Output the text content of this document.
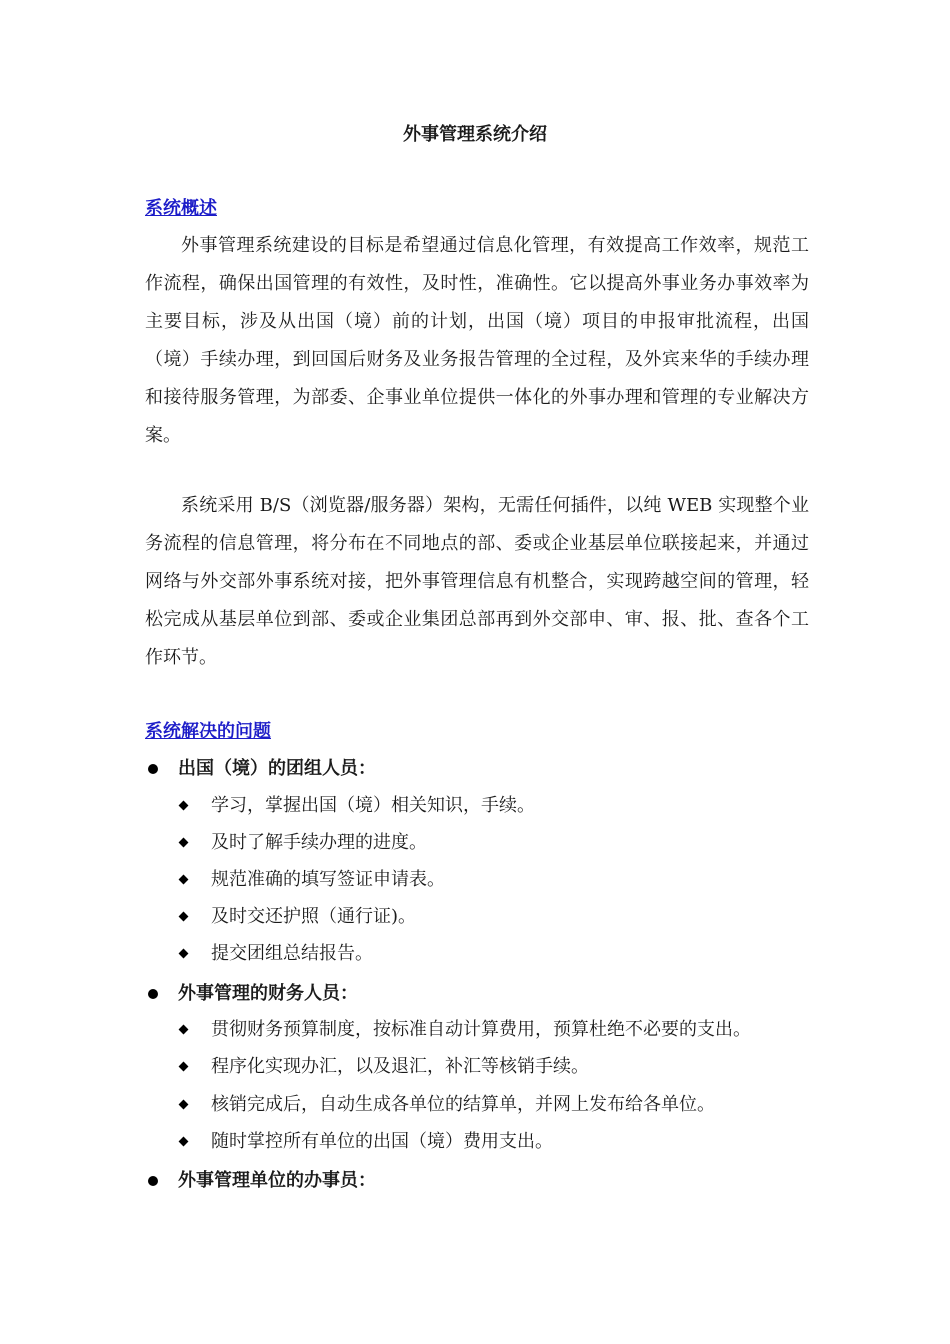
外事管理系统介绍
系统概述

外事管理系统建设的目标是希望通过信息化管理，有效提高工作效率，规范工作流程，确保出国管理的有效性，及时性，准确性。它以提高外事业务办事效率为主要目标，涉及从出国（境）前的计划，出国（境）项目的申报审批流程，出国（境）手续办理，到回国后财务及业务报告管理的全过程，及外宾来华的手续办理和接待服务管理，为部委、企事业单位提供一体化的外事办理和管理的专业解决方案。

系统采用 B/S（浏览器/服务器）架构，无需任何插件，以纯 WEB 实现整个业务流程的信息管理，将分布在不同地点的部、委或企业基层单位联接起来，并通过网络与外交部外事系统对接，把外事管理信息有机整合，实现跨越空间的管理，轻松完成从基层单位到部、委或企业集团总部再到外交部申、审、报、批、查各个工作环节。

系统解决的问题
出国（境）的团组人员：
学习，掌握出国（境）相关知识，手续。
及时了解手续办理的进度。
规范准确的填写签证申请表。
及时交还护照（通行证)。
提交团组总结报告。
外事管理的财务人员：
贯彻财务预算制度，按标准自动计算费用，预算杜绝不必要的支出。
程序化实现办汇，以及退汇，补汇等核销手续。
核销完成后，自动生成各单位的结算单，并网上发布给各单位。
随时掌控所有单位的出国（境）费用支出。
外事管理单位的办事员：
